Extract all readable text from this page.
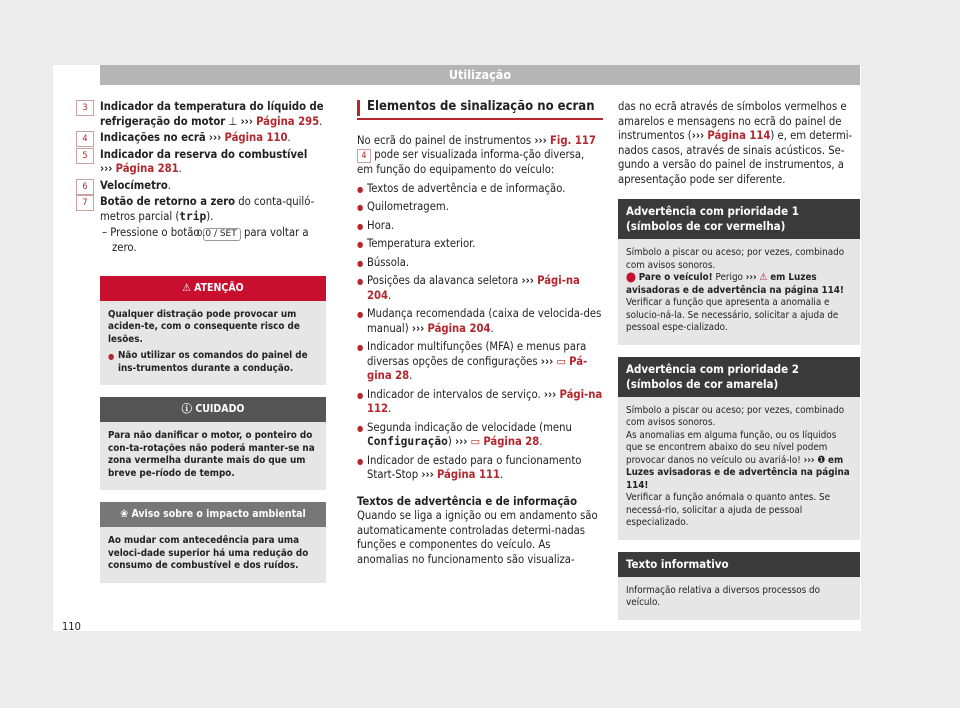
Utilização
3	Indicador da temperatura do líquido de refrigeração do motor ⊥ ››› Página 295.
4	Indicações no ecrã ››› Página 110.
5	Indicador da reserva do combustível
››› Página 281.
6	Velocímetro.
7	Botão de retorno a zero do conta-quiló-metros parcial (trip).
– Pressione o botão 0.0 / SET para voltar a zero.
⚠ ATENÇÃO
Qualquer distração pode provocar um aciden-te, com o consequente risco de lesões.
● Não utilizar os comandos do painel de ins-trumentos durante a condução.
ⓘ CUIDADO
Para não danificar o motor, o ponteiro do con-ta-rotações não poderá manter-se na zona vermelha durante mais do que um breve pe-ríodo de tempo.
❀ Aviso sobre o impacto ambiental
Ao mudar com antecedência para uma veloci-dade superior há uma redução do consumo de combustível e dos ruídos.
Elementos de sinalização no ecran
No ecrã do painel de instrumentos ››› Fig. 117 4 pode ser visualizada informa-ção diversa, em função do equipamento do veículo:
● Textos de advertência e de informação.
● Quilometragem.
● Hora.
● Temperatura exterior.
● Bússola.
● Posições da alavanca seletora ››› Pági-na 204.
● Mudança recomendada (caixa de velocida-des manual) ››› Página 204.
● Indicador multifunções (MFA) e menus para diversas opções de configurações ››› ▭ Pá-gina 28.
● Indicador de intervalos de serviço. ››› Pági-na 112.
● Segunda indicação de velocidade (menu Configuração) ››› ▭ Página 28.
● Indicador de estado para o funcionamento Start-Stop ››› Página 111.
Textos de advertência e de informação
Quando se liga a ignição ou em andamento são automaticamente controladas determi-nadas funções e componentes do veículo. As anomalias no funcionamento são visualiza-
das no ecrã através de símbolos vermelhos e amarelos e mensagens no ecrã do painel de instrumentos (››› Página 114) e, em determi-nados casos, através de sinais acústicos. Se-gundo a versão do painel de instrumentos, a apresentação pode ser diferente.
Advertência com prioridade 1 (símbolos de cor vermelha)
Símbolo a piscar ou aceso; por vezes, combinado com avisos sonoros.
⬤ Pare o veículo! Perigo ››› ⚠ em Luzes avisadoras e de advertência na página 114!
Verificar a função que apresenta a anomalia e solucio-ná-la. Se necessário, solicitar a ajuda de pessoal espe-cializado.
Advertência com prioridade 2 (símbolos de cor amarela)
Símbolo a piscar ou aceso; por vezes, combinado com avisos sonoros.
As anomalias em alguma função, ou os líquidos que se encontrem abaixo do seu nível podem provocar danos no veículo ou avariá-lo! ››› ❶ em Luzes avisadoras e de advertência na página 114!
Verificar a função anómala o quanto antes. Se necessá-rio, solicitar a ajuda de pessoal especializado.
Texto informativo
Informação relativa a diversos processos do veículo.
110
